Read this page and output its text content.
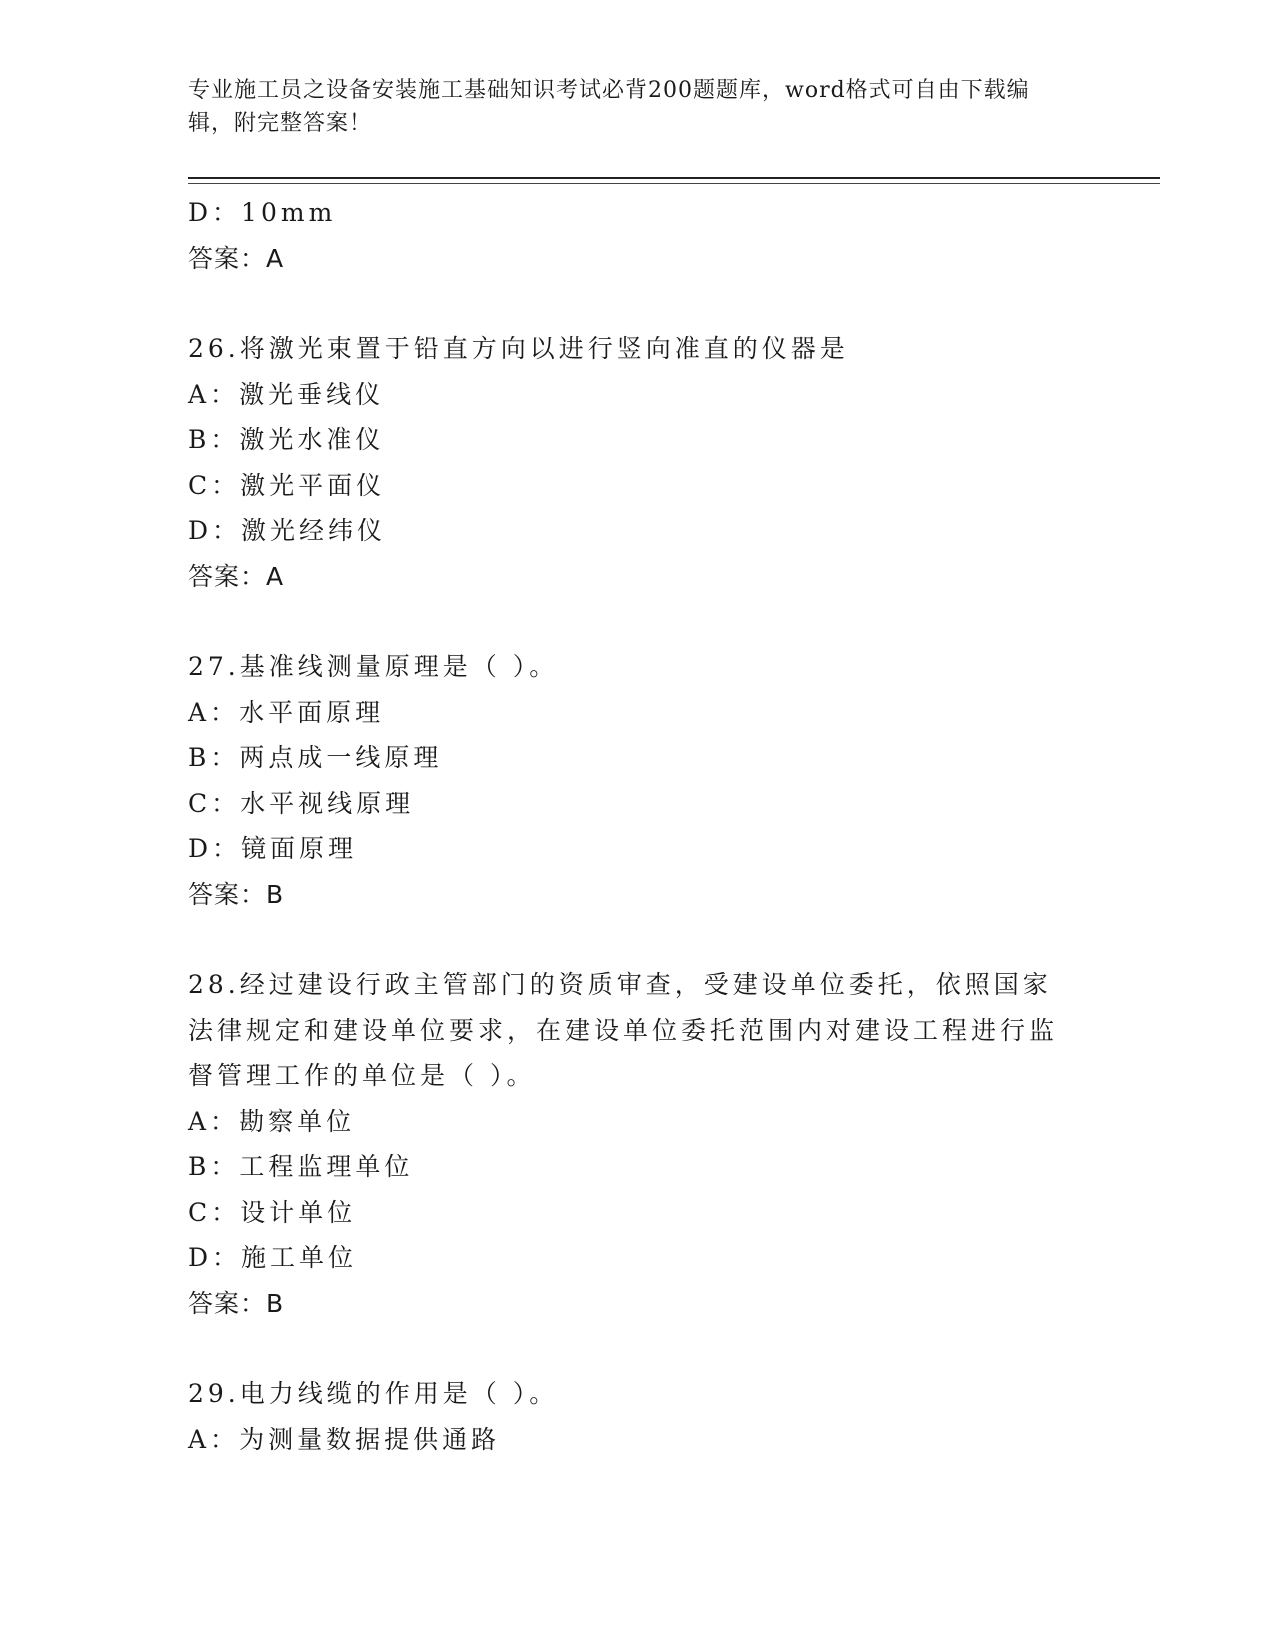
专业施工员之设备安装施工基础知识考试必背200题题库，word格式可自由下载编辑，附完整答案！
D：10mm
答案：A
26.将激光束置于铅直方向以进行竖向准直的仪器是
A：激光垂线仪
B：激光水准仪
C：激光平面仪
D：激光经纬仪
答案：A
27.基准线测量原理是（ ）。
A：水平面原理
B：两点成一线原理
C：水平视线原理
D：镜面原理
答案：B
28.经过建设行政主管部门的资质审查，受建设单位委托，依照国家法律规定和建设单位要求，在建设单位委托范围内对建设工程进行监督管理工作的单位是（ ）。
A：勘察单位
B：工程监理单位
C：设计单位
D：施工单位
答案：B
29.电力线缆的作用是（ ）。
A：为测量数据提供通路
